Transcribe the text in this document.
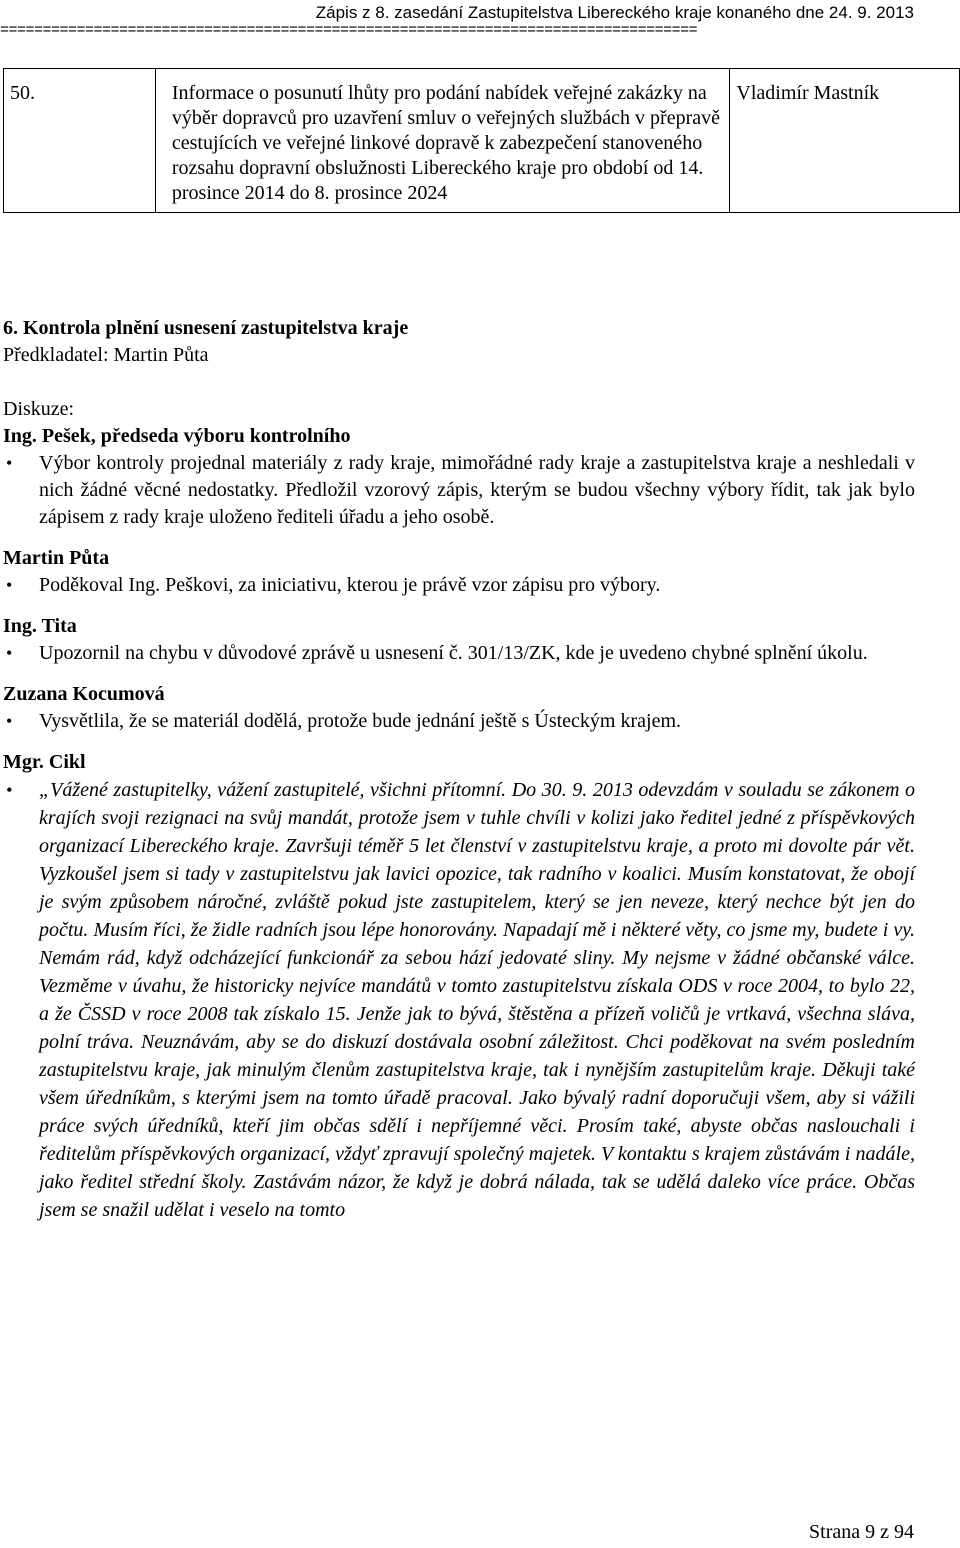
Zápis z 8. zasedání Zastupitelstva Libereckého kraje konaného dne 24. 9. 2013
==================================================================================
50.	Informace o posunutí lhůty pro podání nabídek veřejné zakázky na výběr dopravců pro uzavření smluv o veřejných službách v přepravě cestujících ve veřejné linkové dopravě k zabezpečení stanoveného rozsahu dopravní obslužnosti Libereckého kraje pro období od 14. prosince 2014 do 8. prosince 2024	Vladimír Mastník
6. Kontrola plnění usnesení zastupitelstva kraje
Předkladatel: Martin Půta
Diskuze:
Ing. Pešek, předseda výboru kontrolního
• Výbor kontroly projednal materiály z rady kraje, mimořádné rady kraje a zastupitelstva kraje a neshledali v nich žádné věcné nedostatky. Předložil vzorový zápis, kterým se budou všechny výbory řídit, tak jak bylo zápisem z rady kraje uloženo řediteli úřadu a jeho osobě.
Martin Půta
• Poděkoval Ing. Peškovi, za iniciativu, kterou je právě vzor zápisu pro výbory.
Ing. Tita
• Upozornil na chybu v důvodové zprávě u usnesení č. 301/13/ZK, kde je uvedeno chybné splnění úkolu.
Zuzana Kocumová
• Vysvětlila, že se materiál dodělá, protože bude jednání ještě s Ústeckým krajem.
Mgr. Cikl
• „Vážené zastupitelky, vážení zastupitelé, všichni přítomní. Do 30. 9. 2013 odevzdám v souladu se zákonem o krajích svoji rezignaci na svůj mandát, protože jsem v tuhle chvíli v kolizi jako ředitel jedné z příspěvkových organizací Libereckého kraje. Završuji téměř 5 let členství v zastupitelstvu kraje, a proto mi dovolte pár vět. Vyzkoušel jsem si tady v zastupitelstvu jak lavici opozice, tak radního v koalici. Musím konstatovat, že obojí je svým způsobem náročné, zvláště pokud jste zastupitelem, který se jen neveze, který nechce být jen do počtu. Musím říci, že židle radních jsou lépe honorovány. Napadají mě i některé věty, co jsme my, budete i vy. Nemám rád, když odcházející funkcionář za sebou hází jedovaté sliny. My nejsme v žádné občanské válce. Vezměme v úvahu, že historicky nejvíce mandátů v tomto zastupitelstvu získala ODS v roce 2004, to bylo 22, a že ČSSD v roce 2008 tak získalo 15. Jenže jak to bývá, štěstěna a přízeň voličů je vrtkavá, všechna sláva, polní tráva. Neuznávám, aby se do diskuzí dostávala osobní záležitost. Chci poděkovat na svém posledním zastupitelstvu kraje, jak minulým členům zastupitelstva kraje, tak i nynějším zastupitelům kraje. Děkuji také všem úředníkům, s kterými jsem na tomto úřadě pracoval. Jako bývalý radní doporučuji všem, aby si vážili práce svých úředníků, kteří jim občas sdělí i nepříjemné věci. Prosím také, abyste občas naslouchali i ředitelům příspěvkových organizací, vždyť zpravují společný majetek. V kontaktu s krajem zůstávám i nadále, jako ředitel střední školy. Zastávám názor, že když je dobrá nálada, tak se udělá daleko více práce. Občas jsem se snažil udělat i veselo na tomto
Strana 9 z 94
